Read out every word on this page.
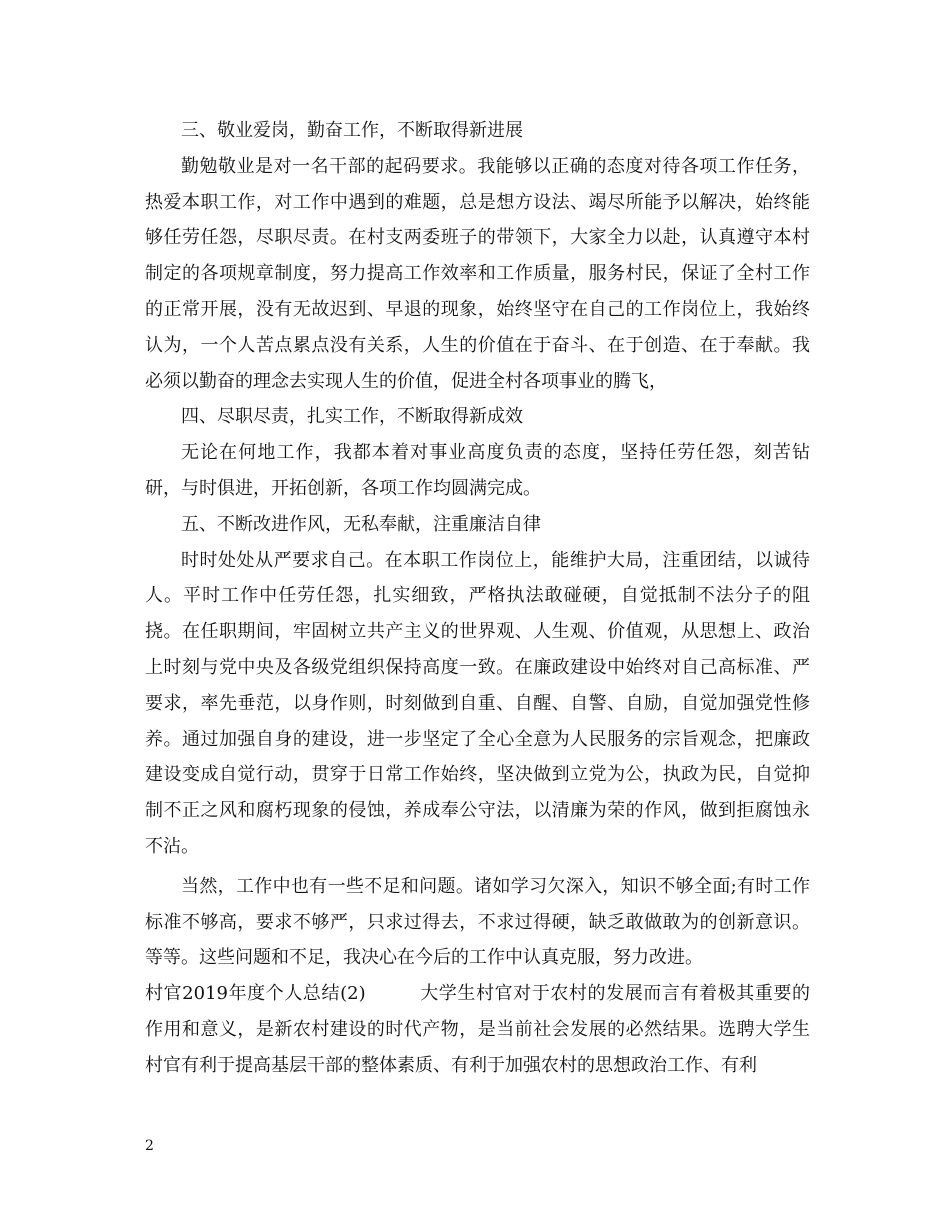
三、敬业爱岗，勤奋工作，不断取得新进展

勤勉敬业是对一名干部的起码要求。我能够以正确的态度对待各项工作任务，热爱本职工作，对工作中遇到的难题，总是想方设法、竭尽所能予以解决，始终能够任劳任怨，尽职尽责。在村支两委班子的带领下，大家全力以赴，认真遵守本村制定的各项规章制度，努力提高工作效率和工作质量，服务村民，保证了全村工作的正常开展，没有无故迟到、早退的现象，始终坚守在自己的工作岗位上，我始终认为，一个人苦点累点没有关系，人生的价值在于奋斗、在于创造、在于奉献。我必须以勤奋的理念去实现人生的价值，促进全村各项事业的腾飞，

四、尽职尽责，扎实工作，不断取得新成效

无论在何地工作，我都本着对事业高度负责的态度，坚持任劳任怨，刻苦钻研，与时俱进，开拓创新，各项工作均圆满完成。

五、不断改进作风，无私奉献，注重廉洁自律

时时处处从严要求自己。在本职工作岗位上，能维护大局，注重团结，以诚待人。平时工作中任劳任怨，扎实细致，严格执法敢碰硬，自觉抵制不法分子的阻挠。在任职期间，牢固树立共产主义的世界观、人生观、价值观，从思想上、政治上时刻与党中央及各级党组织保持高度一致。在廉政建设中始终对自己高标准、严要求，率先垂范，以身作则，时刻做到自重、自醒、自警、自励，自觉加强党性修养。通过加强自身的建设，进一步坚定了全心全意为人民服务的宗旨观念，把廉政建设变成自觉行动，贯穿于日常工作始终，坚决做到立党为公，执政为民，自觉抑制不正之风和腐朽现象的侵蚀，养成奉公守法，以清廉为荣的作风，做到拒腐蚀永不沾。

当然，工作中也有一些不足和问题。诸如学习欠深入，知识不够全面;有时工作标准不够高，要求不够严，只求过得去，不求过得硬，缺乏敢做敢为的创新意识。等等。这些问题和不足，我决心在今后的工作中认真克服，努力改进。

村官2019年度个人总结(2)	大学生村官对于农村的发展而言有着极其重要的作用和意义，是新农村建设的时代产物，是当前社会发展的必然结果。选聘大学生村官有利于提高基层干部的整体素质、有利于加强农村的思想政治工作、有利

2
